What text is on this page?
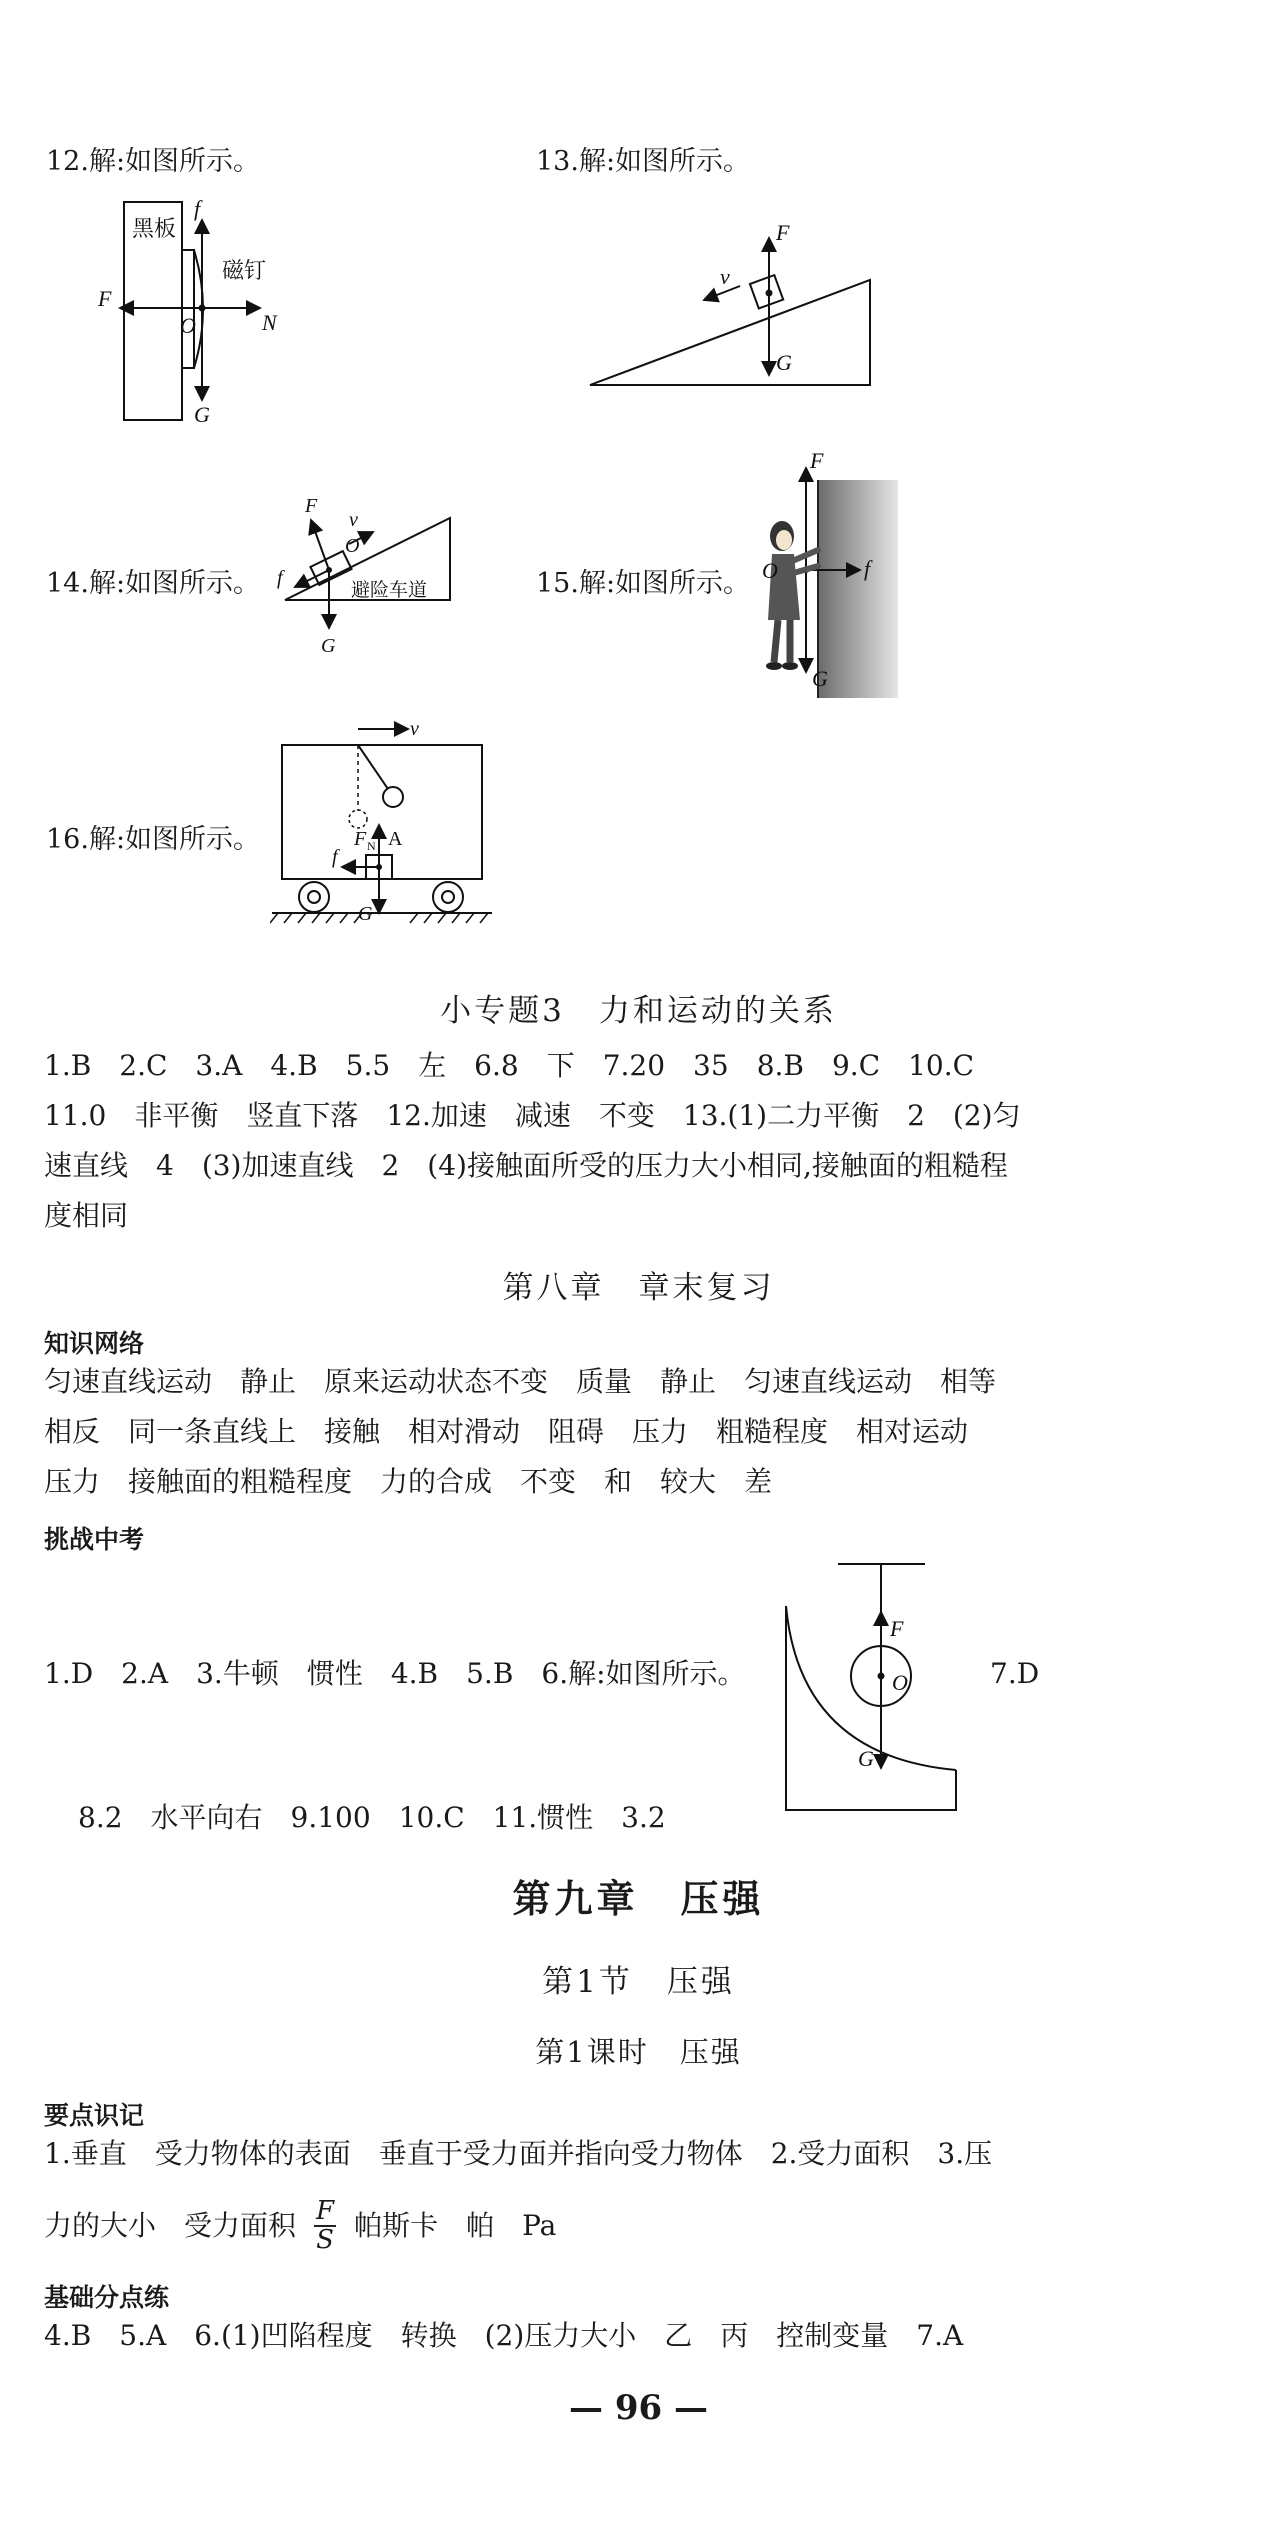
12.解:如图所示。	13.解:如图所示。
14.解:如图所示。	15.解:如图所示。
16.解:如图所示。
黑板
磁钉
f
F
O	N
G
F
v
G
F
v
O
f
避险车道
G
F
O	f
G
v
F N A
f
G
小专题3　力和运动的关系
1.B　2.C　3.A　4.B　5.5　左　6.8　下　7.20　35　8.B　9.C　10.C
11.0　非平衡　竖直下落　12.加速　减速　不变　13.(1)二力平衡　2　(2)匀
速直线　4　(3)加速直线　2　(4)接触面所受的压力大小相同,接触面的粗糙程
度相同
第八章　章末复习
知识网络
匀速直线运动　静止　原来运动状态不变　质量　静止　匀速直线运动　相等
相反　同一条直线上　接触　相对滑动　阻碍　压力　粗糙程度　相对运动
压力　接触面的粗糙程度　力的合成　不变　和　较大　差
挑战中考
1.D　2.A　3.牛顿　惯性　4.B　5.B　6.解:如图所示。	7.D
F
O
G
8.2　水平向右　9.100　10.C　11.惯性　3.2
第九章　压强
第1节　压强
第1课时　压强
要点识记
1.垂直　受力物体的表面　垂直于受力面并指向受力物体　2.受力面积　3.压
力的大小　受力面积 $\frac{F}{S}$ 帕斯卡　帕　Pa
基础分点练
4.B　5.A　6.(1)凹陷程度　转换　(2)压力大小　乙　丙　控制变量　7.A
— 96 —
